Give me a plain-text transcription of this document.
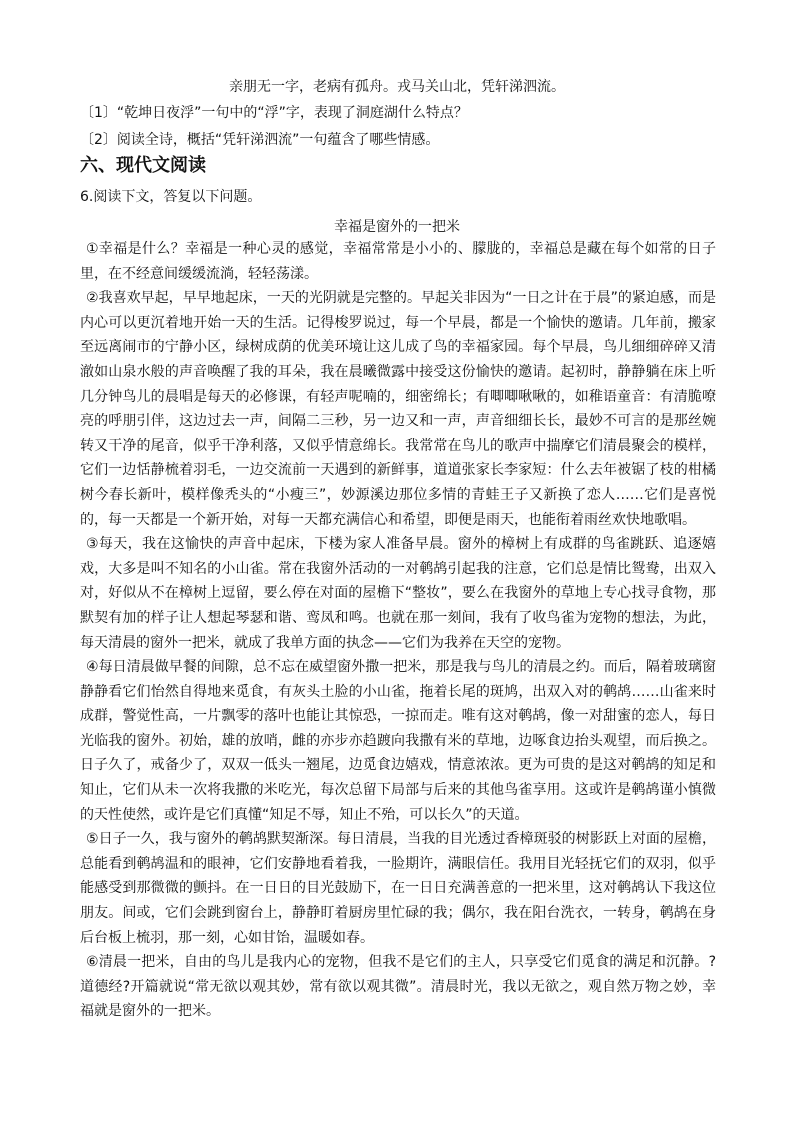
亲朋无一字，老病有孤舟。戎马关山北，凭轩涕泗流。
〔1〕“乾坤日夜浮”一句中的“浮”字，表现了洞庭湖什么特点？
〔2〕阅读全诗，概括“凭轩涕泗流”一句蕴含了哪些情感。
六、现代文阅读
6.阅读下文，答复以下问题。
幸福是窗外的一把米

①幸福是什么？幸福是一种心灵的感觉，幸福常常是小小的、朦胧的，幸福总是藏在每个如常的日子里，在不经意间缓缓流淌，轻轻荡漾。

②我喜欢早起，早早地起床，一天的光阴就是完整的。早起关非因为“一日之计在于晨”的紧迫感，而是内心可以更沉着地开始一天的生活。记得梭罗说过，每一个早晨，都是一个愉快的邀请。几年前，搬家至远离闹市的宁静小区，绿树成荫的优美环境让这儿成了鸟的幸福家园。每个早晨，鸟儿细细碎碎又清澈如山泉水般的声音唤醒了我的耳朵，我在晨曦微露中接受这份愉快的邀请。起初时，静静躺在床上听几分钟鸟儿的晨唱是每天的必修课，有轻声呢喃的，细密绵长；有唧唧啾啾的，如稚语童音：有清脆嘹亮的呼朋引伴，这边过去一声，间隔二三秒，另一边又和一声，声音细细长长，最妙不可言的是那丝婉转又干净的尾音，似乎干净利落，又似乎情意绵长。我常常在鸟儿的歌声中揣摩它们清晨聚会的模样，它们一边恬静梳着羽毛，一边交流前一天遇到的新鲜事，道道张家长李家短：什么去年被锯了枝的柑橘树今春长新叶，模样像秃头的“小瘦三”，妙源溪边那位多情的青蛙王子又新换了恋人……它们是喜悦的，每一天都是一个新开始，对每一天都充满信心和希望，即便是雨天，也能衔着雨丝欢快地歌唱。

③每天，我在这愉快的声音中起床，下楼为家人准备早晨。窗外的樟树上有成群的鸟雀跳跃、追逐嬉戏，大多是叫不知名的小山雀。常在我窗外活动的一对鹌鸪引起我的注意，它们总是情比鸳鸯，出双入对，好似从不在樟树上逗留，要么停在对面的屋檐下“整妆”，要么在我窗外的草地上专心找寻食物，那默契有加的样子让人想起琴瑟和谐、鸾凤和鸣。也就在那一刻间，我有了收鸟雀为宠物的想法，为此，每天清晨的窗外一把米，就成了我单方面的执念——它们为我养在天空的宠物。

④每日清晨做早餐的间隙，总不忘在威望窗外撒一把米，那是我与鸟儿的清晨之约。而后，隔着玻璃窗静静看它们怡然自得地来觅食，有灰头土脸的小山雀，拖着长尾的斑鸠，出双入对的鹌鸪……山雀来时成群，警觉性高，一片飘零的落叶也能让其惊恐，一掠而走。唯有这对鹌鸪，像一对甜蜜的恋人，每日光临我的窗外。初始，雄的放哨，雌的亦步亦趋踱向我撒有米的草地，边啄食边抬头观望，而后换之。日子久了，戒备少了，双双一低头一翘尾，边觅食边嬉戏，情意浓浓。更为可贵的是这对鹌鸪的知足和知止，它们从未一次将我撒的米吃光，每次总留下局部与后来的其他鸟雀享用。这或许是鹌鸪谨小慎微的天性使然，或许是它们真懂“知足不辱，知止不殆，可以长久”的天道。

⑤日子一久，我与窗外的鹌鸪默契渐深。每日清晨，当我的目光透过香樟斑驳的树影跃上对面的屋檐，总能看到鹌鸪温和的眼神，它们安静地看着我，一脸期许，满眼信任。我用目光轻抚它们的双羽，似乎能感受到那微微的颤抖。在一日日的目光鼓励下，在一日日充满善意的一把米里，这对鹌鸪认下我这位朋友。间或，它们会跳到窗台上，静静盯着厨房里忙碌的我；偶尔，我在阳台洗衣，一转身，鹌鸪在身后台板上梳羽，那一刻，心如甘饴，温暖如春。

⑥清晨一把米，自由的鸟儿是我内心的宠物，但我不是它们的主人，只享受它们觅食的满足和沉静。?道德经?开篇就说“常无欲以观其妙，常有欲以观其微”。清晨时光，我以无欲之，观自然万物之妙，幸福就是窗外的一把米。
